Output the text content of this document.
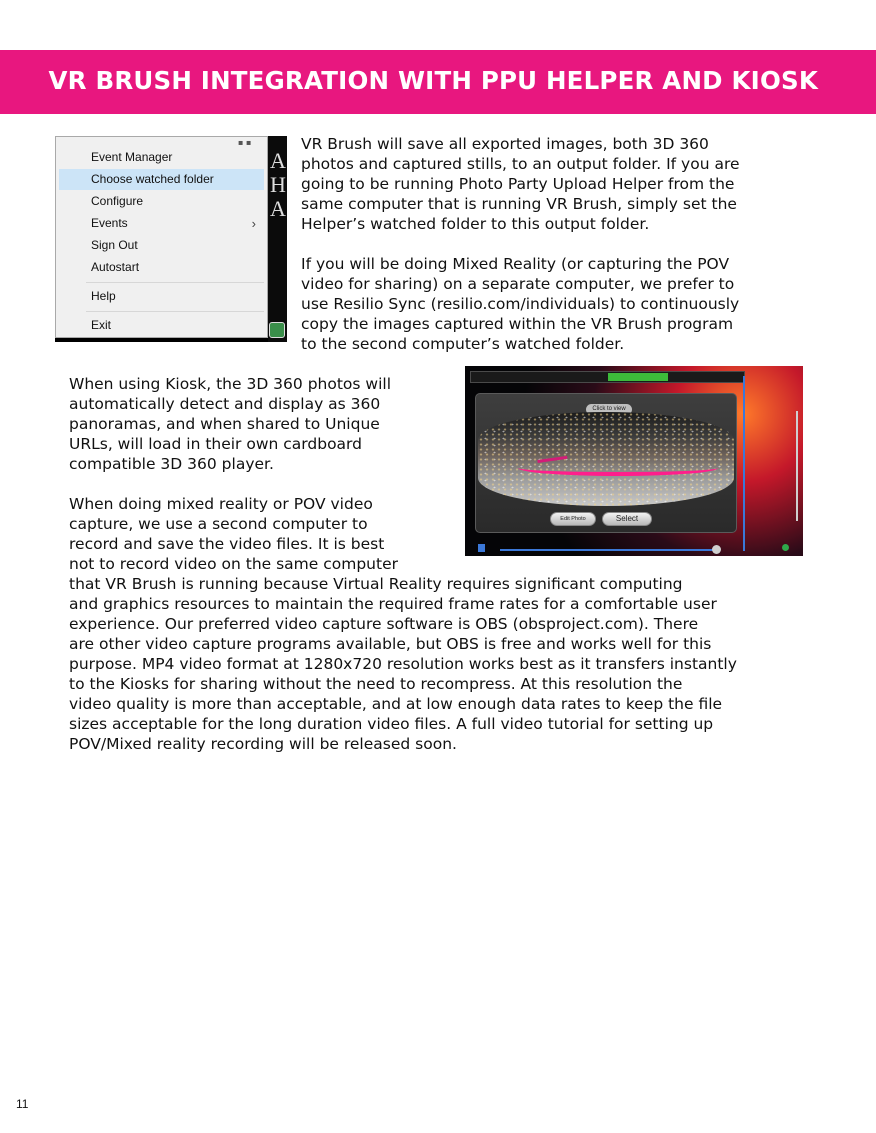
VR BRUSH INTEGRATION WITH PPU HELPER AND KIOSK
Event Manager
Choose watched folder
Configure
Events	›
Sign Out
Autostart
Help
Exit
▪ ▪
A
H
A

VR Brush will save all exported images, both 3D 360
photos and captured stills, to an output folder. If you are
going to be running Photo Party Upload Helper from the
same computer that is running VR Brush, simply set the
Helper’s watched folder to this output folder.

If you will be doing Mixed Reality (or capturing the POV
video for sharing) on a separate computer, we prefer to
use Resilio Sync (resilio.com/individuals) to continuously
copy the images captured within the VR Brush program
to the second computer’s watched folder.

When using Kiosk, the 3D 360 photos will
automatically detect and display as 360
panoramas, and when shared to Unique
URLs, will load in their own cardboard
compatible 3D 360 player.

Click to view
Edit Photo	Select

When doing mixed reality or POV video
capture, we use a second computer to
record and save the video files. It is best
not to record video on the same computer

that VR Brush is running because Virtual Reality requires significant computing
and graphics resources to maintain the required frame rates for a comfortable user
experience. Our preferred video capture software is OBS (obsproject.com). There
are other video capture programs available, but OBS is free and works well for this
purpose. MP4 video format at 1280x720 resolution works best as it transfers instantly
to the Kiosks for sharing without the need to recompress. At this resolution the
video quality is more than acceptable, and at low enough data rates to keep the file
sizes acceptable for the long duration video files. A full video tutorial for setting up
POV/Mixed reality recording will be released soon.

11
